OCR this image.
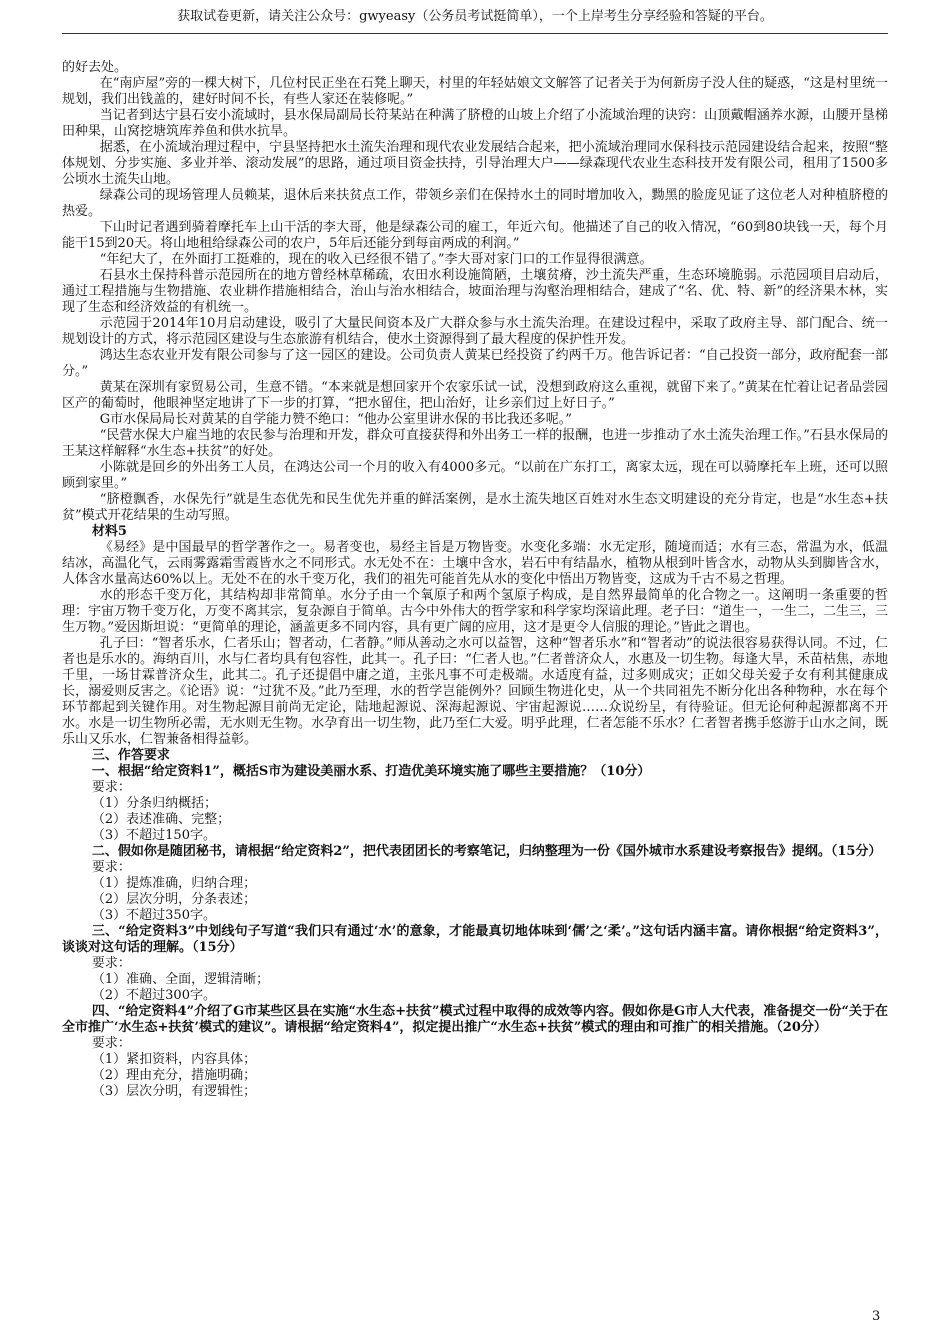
获取试卷更新，请关注公众号：gwyeasy（公务员考试挺简单），一个上岸考生分享经验和答疑的平台。

的好去处。

在“南庐屋”旁的一棵大树下，几位村民正坐在石凳上聊天，村里的年轻姑娘文文解答了记者关于为何新房子没人住的疑惑，“这是村里统一规划，我们出钱盖的，建好时间不长，有些人家还在装修呢。”

当记者到达宁县石安小流域时，县水保局副局长符某站在种满了脐橙的山坡上介绍了小流域治理的诀窍：山顶戴帽涵养水源，山腰开垦梯田种果，山窝挖塘筑库养鱼和供水抗旱。

据悉，在小流域治理过程中，宁县坚持把水土流失治理和现代农业发展结合起来，把小流域治理同水保科技示范园建设结合起来，按照“整体规划、分步实施、多业并举、滚动发展”的思路，通过项目资金扶持，引导治理大户——绿森现代农业生态科技开发有限公司，租用了1500多公顷水土流失山地。

绿森公司的现场管理人员赖某，退休后来扶贫点工作，带领乡亲们在保持水土的同时增加收入，黝黑的脸庞见证了这位老人对种植脐橙的热爱。

下山时记者遇到骑着摩托车上山干活的李大哥，他是绿森公司的雇工，年近六旬。他描述了自己的收入情况，“60到80块钱一天，每个月能干15到20天。将山地租给绿森公司的农户，5年后还能分到每亩两成的利润。”

“年纪大了，在外面打工挺难的，现在的收入已经很不错了。”李大哥对家门口的工作显得很满意。

石县水土保持科普示范园所在的地方曾经林草稀疏，农田水利设施简陋，土壤贫瘠，沙土流失严重，生态环境脆弱。示范园项目启动后，通过工程措施与生物措施、农业耕作措施相结合，治山与治水相结合，坡面治理与沟壑治理相结合，建成了“名、优、特、新”的经济果木林，实现了生态和经济效益的有机统一。

示范园于2014年10月启动建设，吸引了大量民间资本及广大群众参与水土流失治理。在建设过程中，采取了政府主导、部门配合、统一规划设计的方式，将示范园区建设与生态旅游有机结合，使水土资源得到了最大程度的保护性开发。

鸿达生态农业开发有限公司参与了这一园区的建设。公司负责人黄某已经投资了约两千万。他告诉记者：“自己投资一部分，政府配套一部分。”

黄某在深圳有家贸易公司，生意不错。“本来就是想回家开个农家乐试一试，没想到政府这么重视，就留下来了。”黄某在忙着让记者品尝园区产的葡萄时，他眼神坚定地讲了下一步的打算，“把水留住，把山治好，让乡亲们过上好日子。”

G市水保局局长对黄某的自学能力赞不绝口：“他办公室里讲水保的书比我还多呢。”

“民营水保大户雇当地的农民参与治理和开发，群众可直接获得和外出务工一样的报酬，也进一步推动了水土流失治理工作。”石县水保局的王某这样解释“水生态+扶贫”的好处。

小陈就是回乡的外出务工人员，在鸿达公司一个月的收入有4000多元。“以前在广东打工，离家太远，现在可以骑摩托车上班，还可以照顾到家里。”

“脐橙飘香，水保先行”就是生态优先和民生优先并重的鲜活案例，是水土流失地区百姓对水生态文明建设的充分肯定，也是“水生态+扶贫”模式开花结果的生动写照。

材料5

《易经》是中国最早的哲学著作之一。易者变也，易经主旨是万物皆变。水变化多端：水无定形，随境而适；水有三态，常温为水，低温结冰，高温化气，云雨雾露霜雪霞皆水之不同形式。水无处不在：土壤中含水，岩石中有结晶水，植物从根到叶皆含水，动物从头到脚皆含水，人体含水量高达60%以上。无处不在的水千变万化，我们的祖先可能首先从水的变化中悟出万物皆变，这成为千古不易之哲理。

水的形态千变万化，其结构却非常简单。水分子由一个氧原子和两个氢原子构成，是自然界最简单的化合物之一。这阐明一条重要的哲理：宇宙万物千变万化，万变不离其宗，复杂源自于简单。古今中外伟大的哲学家和科学家均深谙此理。老子曰：“道生一，一生二，二生三，三生万物。”爱因斯坦说：“更简单的理论，涵盖更多不同内容，具有更广阔的应用，这才是更令人信服的理论。”皆此之谓也。

孔子曰：“智者乐水，仁者乐山；智者动，仁者静。”师从善动之水可以益智，这种“智者乐水”和“智者动”的说法很容易获得认同。不过，仁者也是乐水的。海纳百川，水与仁者均具有包容性，此其一。孔子曰：“仁者人也。”仁者普济众人，水惠及一切生物。每逢大旱，禾苗枯焦，赤地千里，一场甘霖普济众生，此其二。孔子还提倡中庸之道，主张凡事不可走极端。水适度有益，过多则成灾；正如父母关爱子女有利其健康成长，溺爱则反害之。《论语》说：“过犹不及。”此乃至理，水的哲学岂能例外？回顾生物进化史，从一个共同祖先不断分化出各种物种，水在每个环节都起到关键作用。对生物起源目前尚无定论，陆地起源说、深海起源说、宇宙起源说……众说纷呈，有待验证。但无论何种起源都离不开水。水是一切生物所必需，无水则无生物。水孕育出一切生物，此乃至仁大爱。明乎此理，仁者怎能不乐水？仁者智者携手悠游于山水之间，既乐山又乐水，仁智兼备相得益彰。

三、作答要求

一、根据“给定资料1”，概括S市为建设美丽水系、打造优美环境实施了哪些主要措施？（10分）

要求：

（1）分条归纳概括；

（2）表述准确、完整；

（3）不超过150字。

二、假如你是随团秘书，请根据“给定资料2”，把代表团团长的考察笔记，归纳整理为一份《国外城市水系建设考察报告》提纲。（15分）

要求：

（1）提炼准确，归纳合理；

（2）层次分明，分条表述；

（3）不超过350字。

三、“给定资料3”中划线句子写道“我们只有通过‘水’的意象，才能最真切地体味到‘儒’之‘柔’。”这句话内涵丰富。请你根据“给定资料3”，谈谈对这句话的理解。（15分）

要求：

（1）准确、全面，逻辑清晰；

（2）不超过300字。

四、“给定资料4”介绍了G市某些区县在实施“水生态+扶贫”模式过程中取得的成效等内容。假如你是G市人大代表，准备提交一份“关于在全市推广‘水生态+扶贫’模式的建议”。请根据“给定资料4”，拟定提出推广“水生态+扶贫”模式的理由和可推广的相关措施。（20分）

要求：

（1）紧扣资料，内容具体；

（2）理由充分，措施明确；

（3）层次分明，有逻辑性；

3
